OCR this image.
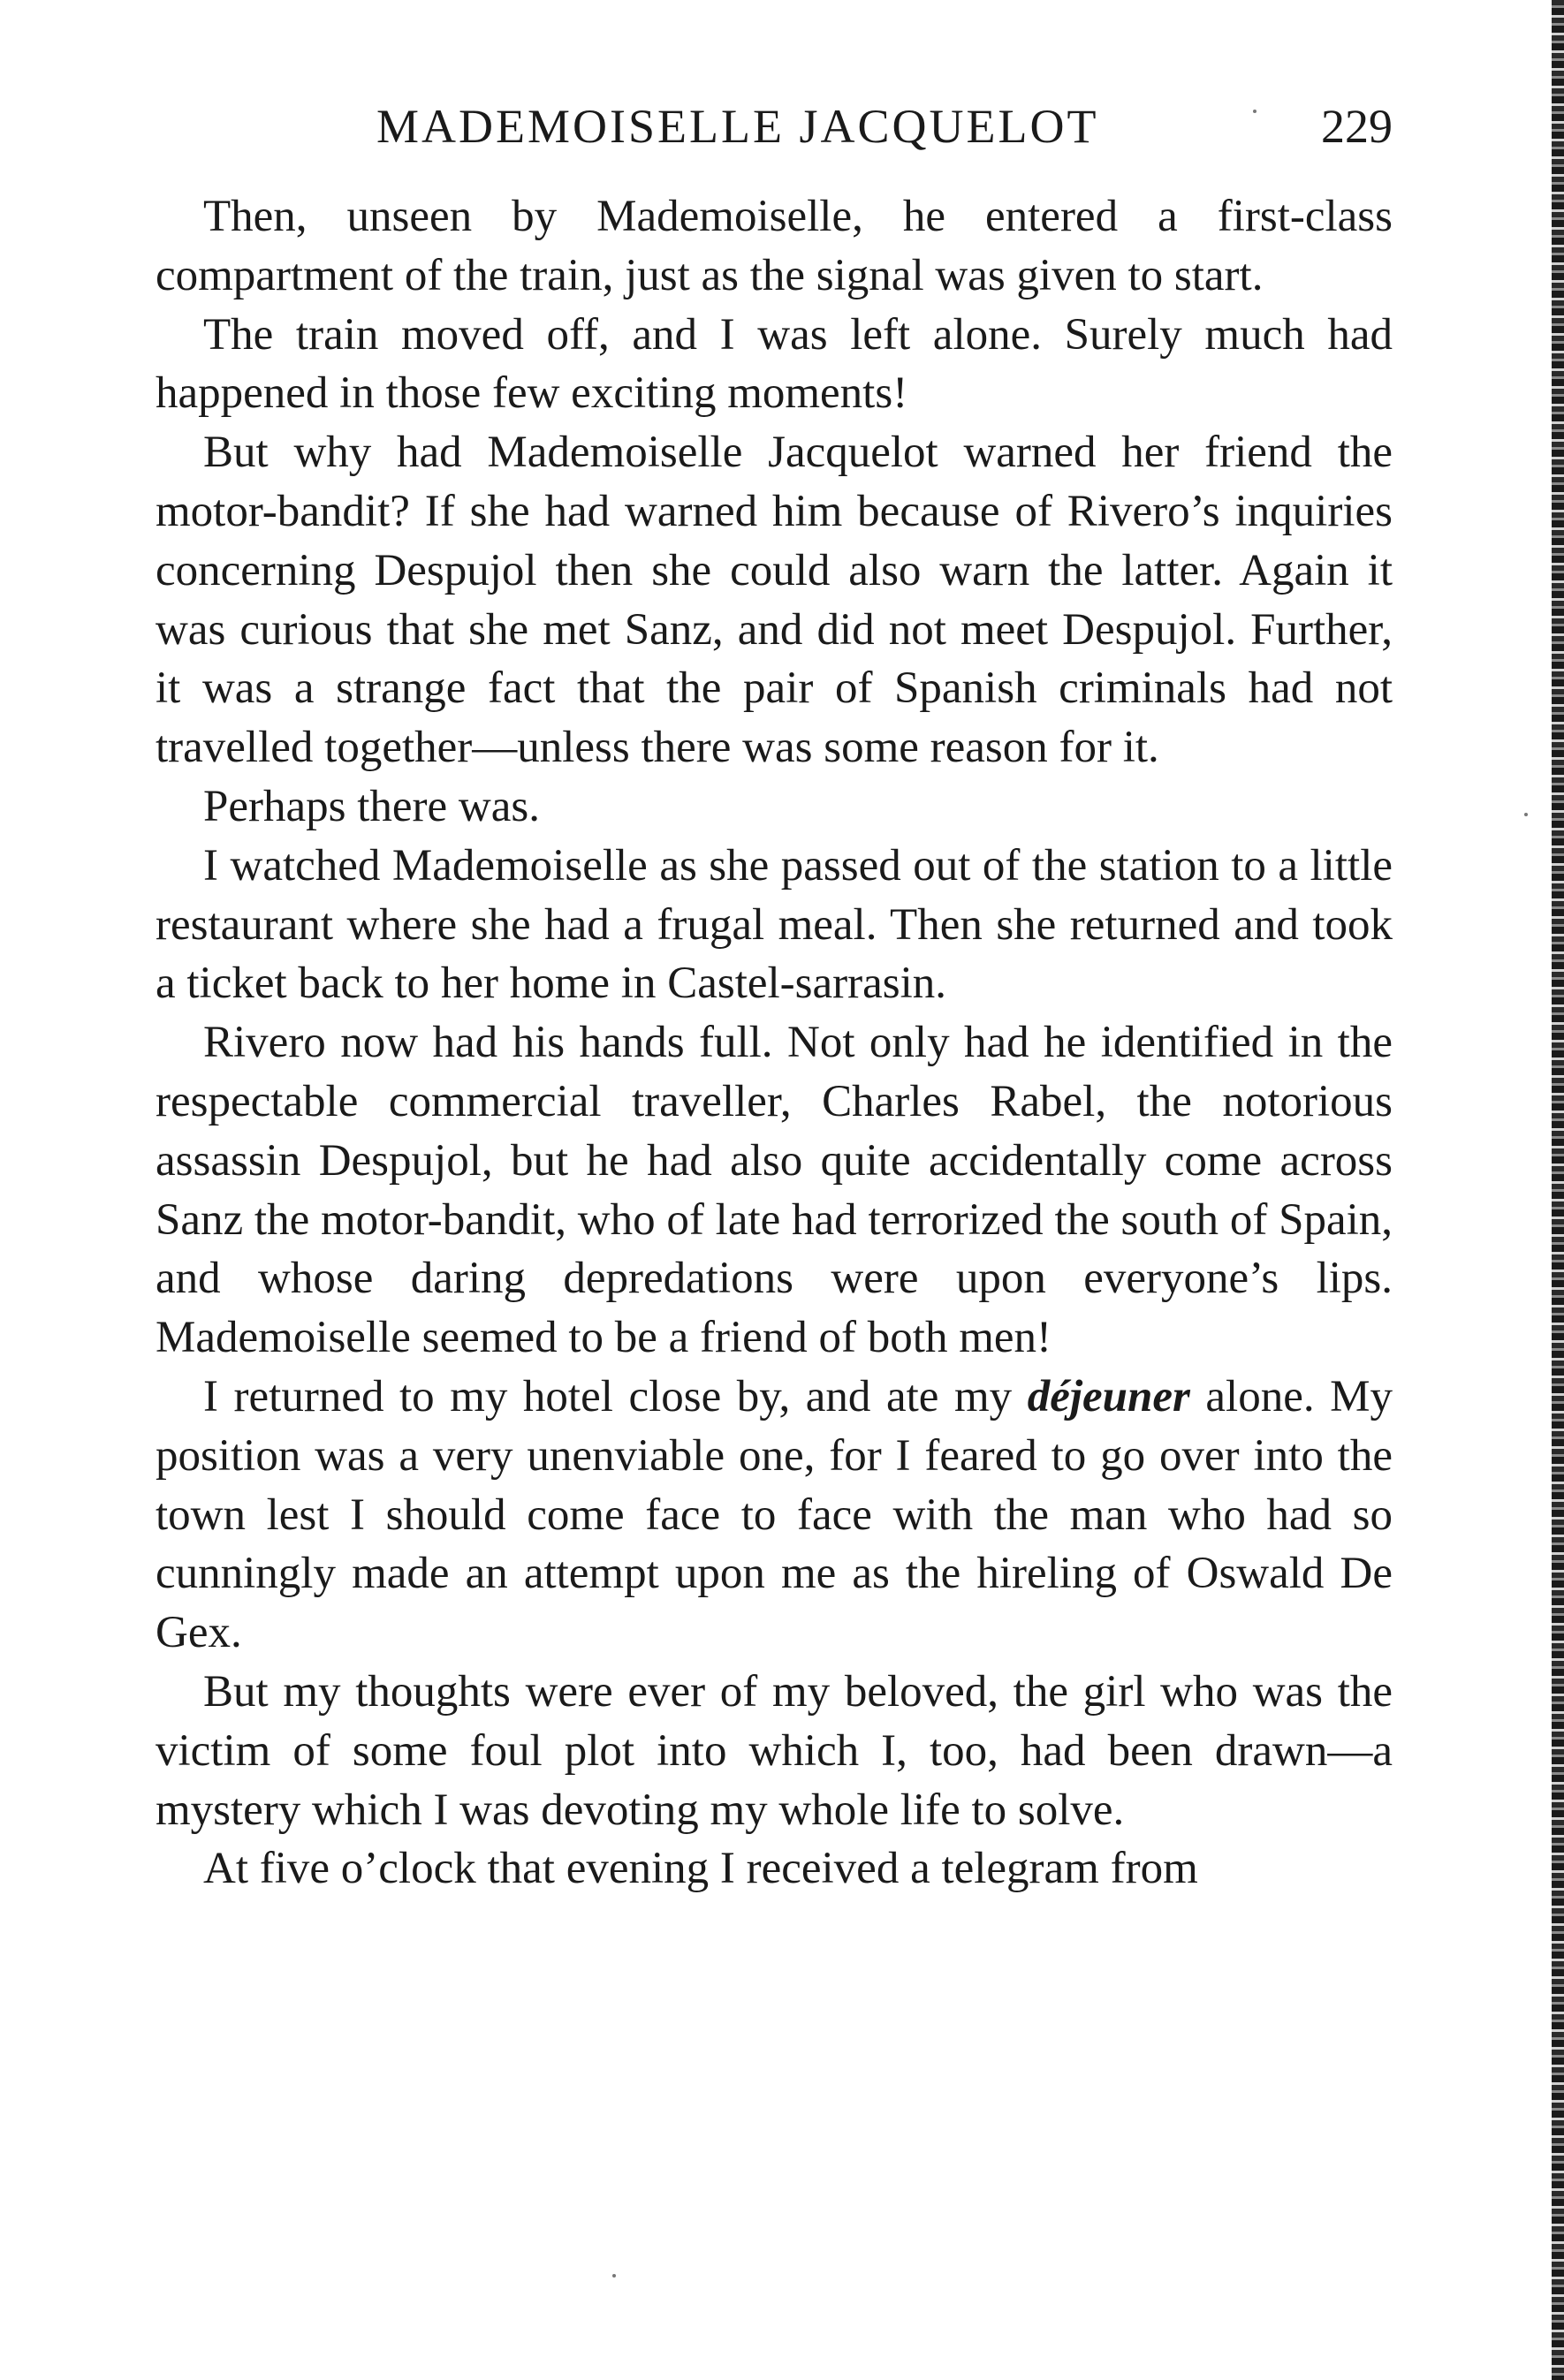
MADEMOISELLE JACQUELOT	229

Then, unseen by Mademoiselle, he entered a first-class compartment of the train, just as the signal was given to start.

The train moved off, and I was left alone. Surely much had happened in those few exciting moments!

But why had Mademoiselle Jacquelot warned her friend the motor-bandit? If she had warned him because of Rivero’s inquiries concerning Despujol then she could also warn the latter. Again it was curious that she met Sanz, and did not meet Despujol. Further, it was a strange fact that the pair of Spanish criminals had not travelled together—unless there was some reason for it.

Perhaps there was.

I watched Mademoiselle as she passed out of the station to a little restaurant where she had a frugal meal. Then she returned and took a ticket back to her home in Castel-sarrasin.

Rivero now had his hands full. Not only had he identified in the respectable commercial traveller, Charles Rabel, the notorious assassin Despujol, but he had also quite accidentally come across Sanz the motor-bandit, who of late had terrorized the south of Spain, and whose daring depredations were upon everyone’s lips. Mademoiselle seemed to be a friend of both men!

I returned to my hotel close by, and ate my déjeuner alone. My position was a very unenviable one, for I feared to go over into the town lest I should come face to face with the man who had so cunningly made an attempt upon me as the hireling of Oswald De Gex.

But my thoughts were ever of my beloved, the girl who was the victim of some foul plot into which I, too, had been drawn—a mystery which I was devoting my whole life to solve.

At five o’clock that evening I received a telegram from
